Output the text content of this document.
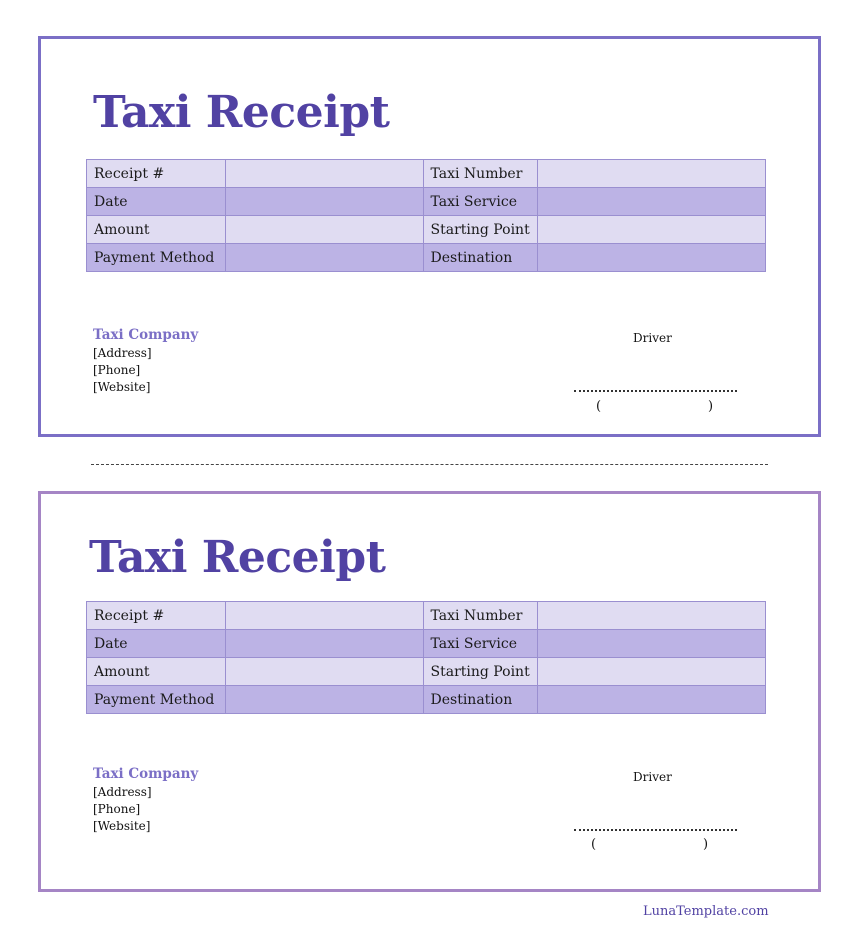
Taxi Receipt
Receipt #		Taxi Number	
Date		Taxi Service	
Amount		Starting Point	
Payment Method		Destination	
Taxi Company
[Address]
[Phone]
[Website]
Driver
(	)
Taxi Receipt
Receipt #		Taxi Number	
Date		Taxi Service	
Amount		Starting Point	
Payment Method		Destination	
Taxi Company
[Address]
[Phone]
[Website]
Driver
(	)
LunaTemplate.com
